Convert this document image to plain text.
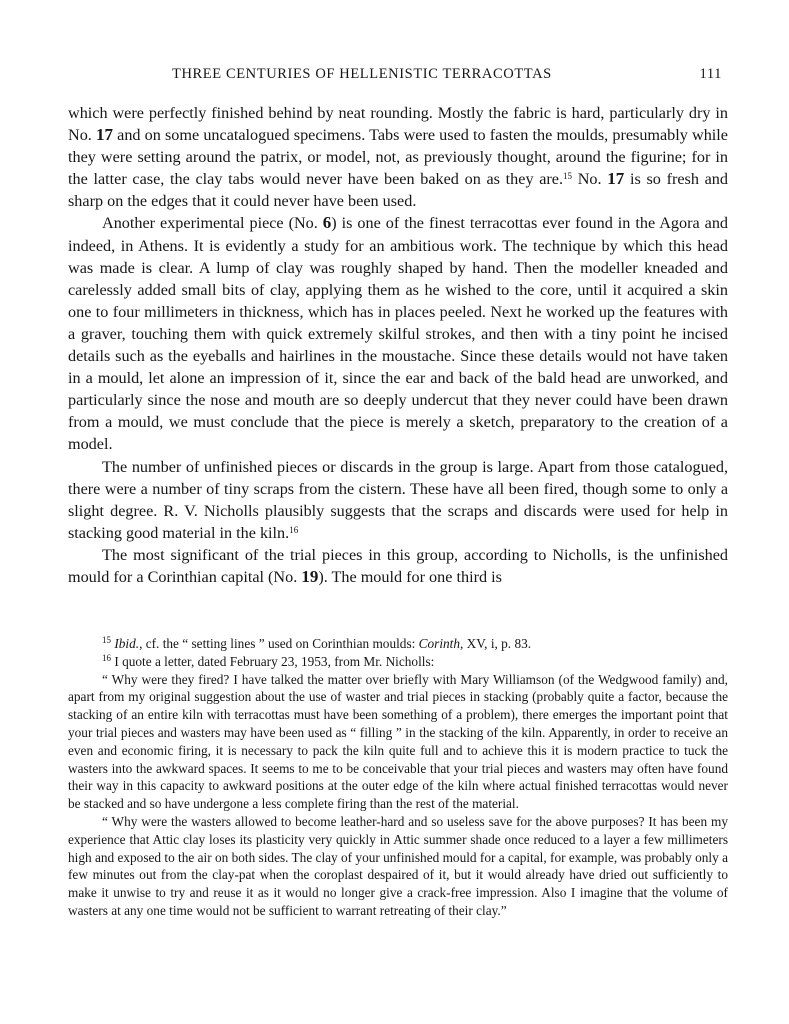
THREE CENTURIES OF HELLENISTIC TERRACOTTAS	111

which were perfectly finished behind by neat rounding. Mostly the fabric is hard, particularly dry in No. 17 and on some uncatalogued specimens. Tabs were used to fasten the moulds, presumably while they were setting around the patrix, or model, not, as previously thought, around the figurine; for in the latter case, the clay tabs would never have been baked on as they are.$^{15}$ No. 17 is so fresh and sharp on the edges that it could never have been used.

Another experimental piece (No. 6) is one of the finest terracottas ever found in the Agora and indeed, in Athens. It is evidently a study for an ambitious work. The technique by which this head was made is clear. A lump of clay was roughly shaped by hand. Then the modeller kneaded and carelessly added small bits of clay, applying them as he wished to the core, until it acquired a skin one to four millimeters in thickness, which has in places peeled. Next he worked up the features with a graver, touching them with quick extremely skilful strokes, and then with a tiny point he incised details such as the eyeballs and hairlines in the moustache. Since these details would not have taken in a mould, let alone an impression of it, since the ear and back of the bald head are unworked, and particularly since the nose and mouth are so deeply undercut that they never could have been drawn from a mould, we must conclude that the piece is merely a sketch, preparatory to the creation of a model.

The number of unfinished pieces or discards in the group is large. Apart from those catalogued, there were a number of tiny scraps from the cistern. These have all been fired, though some to only a slight degree. R. V. Nicholls plausibly suggests that the scraps and discards were used for help in stacking good material in the kiln.$^{16}$

The most significant of the trial pieces in this group, according to Nicholls, is the unfinished mould for a Corinthian capital (No. 19). The mould for one third is

$^{15}$ Ibid., cf. the “ setting lines ” used on Corinthian moulds: Corinth, XV, i, p. 83.

$^{16}$ I quote a letter, dated February 23, 1953, from Mr. Nicholls:

“ Why were they fired? I have talked the matter over briefly with Mary Williamson (of the Wedgwood family) and, apart from my original suggestion about the use of waster and trial pieces in stacking (probably quite a factor, because the stacking of an entire kiln with terracottas must have been something of a problem), there emerges the important point that your trial pieces and wasters may have been used as “ filling ” in the stacking of the kiln. Apparently, in order to receive an even and economic firing, it is necessary to pack the kiln quite full and to achieve this it is modern practice to tuck the wasters into the awkward spaces. It seems to me to be conceivable that your trial pieces and wasters may often have found their way in this capacity to awkward positions at the outer edge of the kiln where actual finished terracottas would never be stacked and so have undergone a less complete firing than the rest of the material.

“ Why were the wasters allowed to become leather-hard and so useless save for the above purposes? It has been my experience that Attic clay loses its plasticity very quickly in Attic summer shade once reduced to a layer a few millimeters high and exposed to the air on both sides. The clay of your unfinished mould for a capital, for example, was probably only a few minutes out from the clay-pat when the coroplast despaired of it, but it would already have dried out sufficiently to make it unwise to try and reuse it as it would no longer give a crack-free impression. Also I imagine that the volume of wasters at any one time would not be sufficient to warrant retreating of their clay.”
